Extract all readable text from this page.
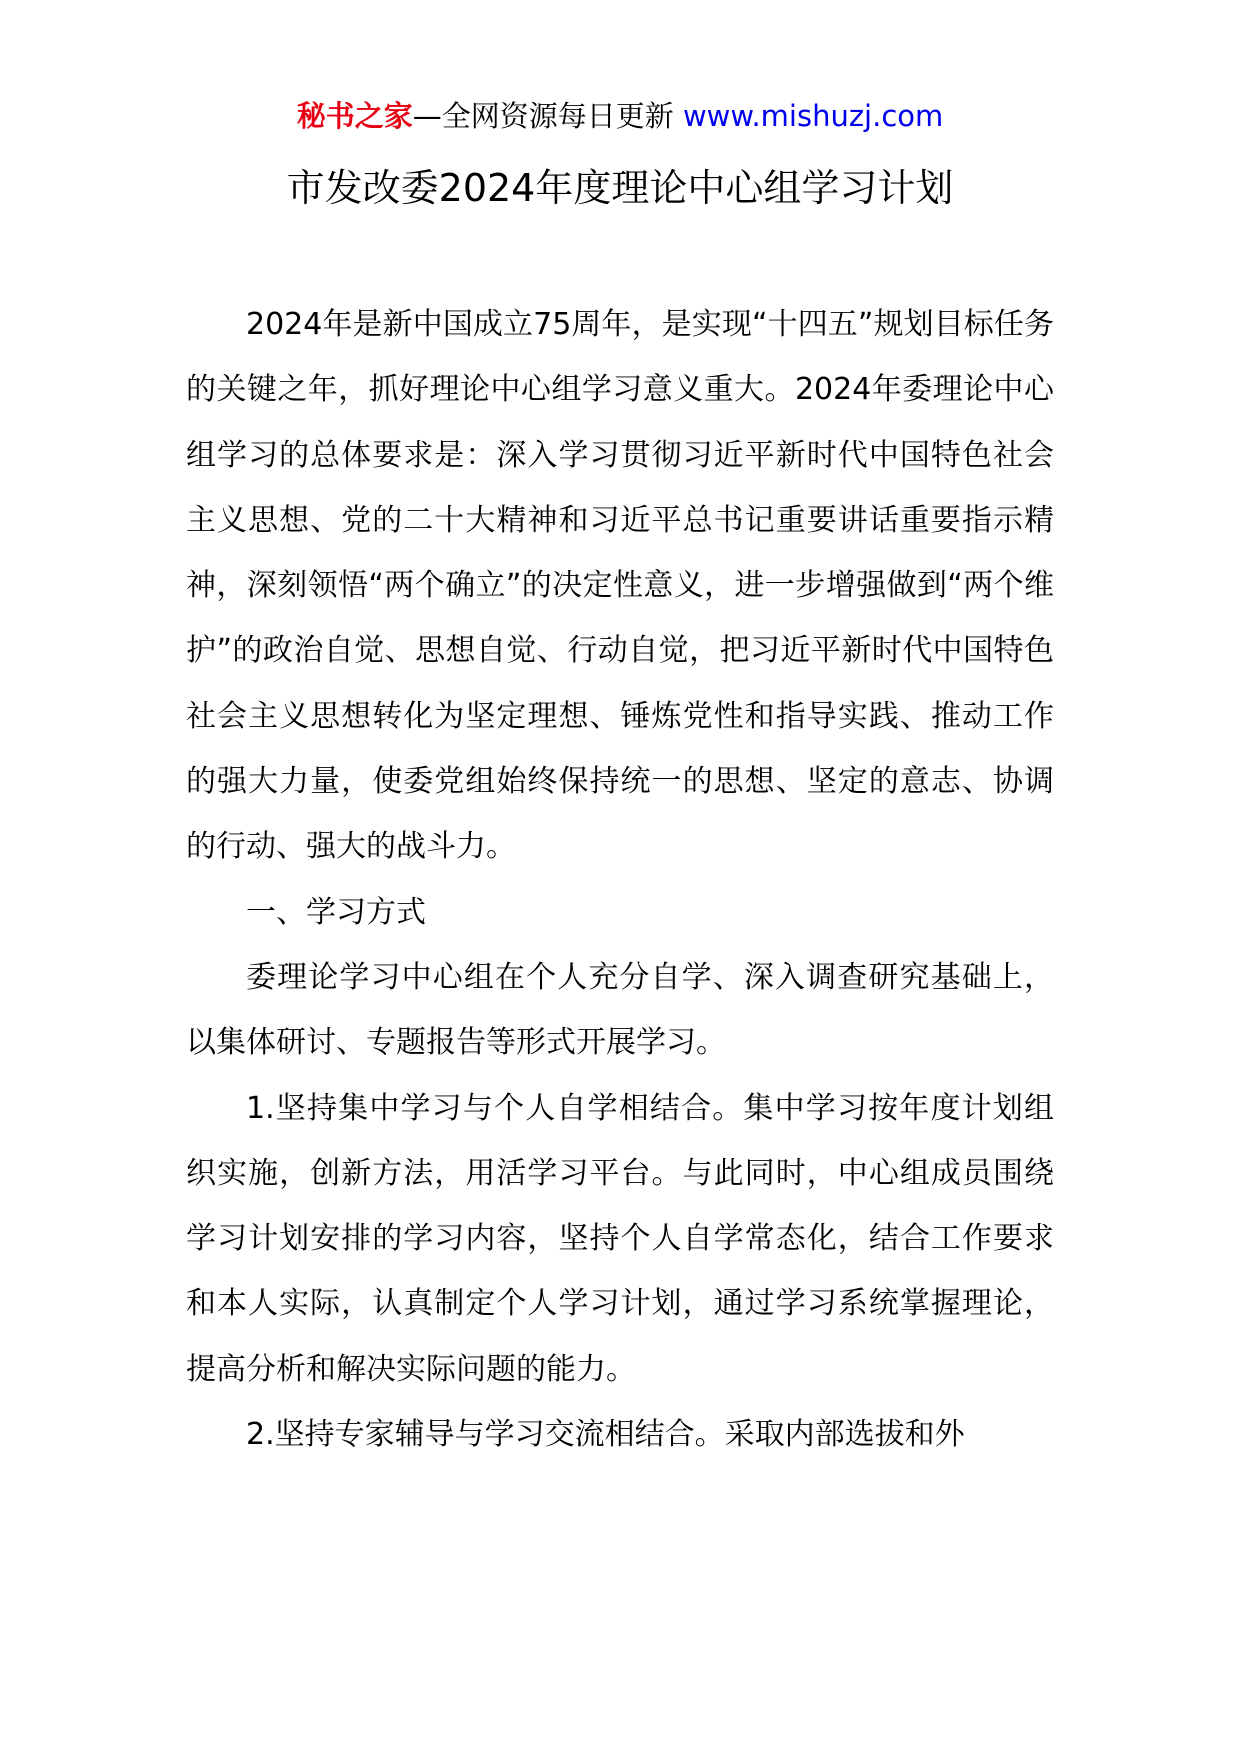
秘书之家—全网资源每日更新 www.mishuzj.com
市发改委2024年度理论中心组学习计划

2024年是新中国成立75周年，是实现“十四五”规划目标任务的关键之年，抓好理论中心组学习意义重大。2024年委理论中心组学习的总体要求是：深入学习贯彻习近平新时代中国特色社会主义思想、党的二十大精神和习近平总书记重要讲话重要指示精神，深刻领悟“两个确立”的决定性意义，进一步增强做到“两个维护”的政治自觉、思想自觉、行动自觉，把习近平新时代中国特色社会主义思想转化为坚定理想、锤炼党性和指导实践、推动工作的强大力量，使委党组始终保持统一的思想、坚定的意志、协调的行动、强大的战斗力。

一、学习方式

委理论学习中心组在个人充分自学、深入调查研究基础上，以集体研讨、专题报告等形式开展学习。

1.坚持集中学习与个人自学相结合。集中学习按年度计划组织实施，创新方法，用活学习平台。与此同时，中心组成员围绕学习计划安排的学习内容，坚持个人自学常态化，结合工作要求和本人实际，认真制定个人学习计划，通过学习系统掌握理论，提高分析和解决实际问题的能力。

2.坚持专家辅导与学习交流相结合。采取内部选拔和外
